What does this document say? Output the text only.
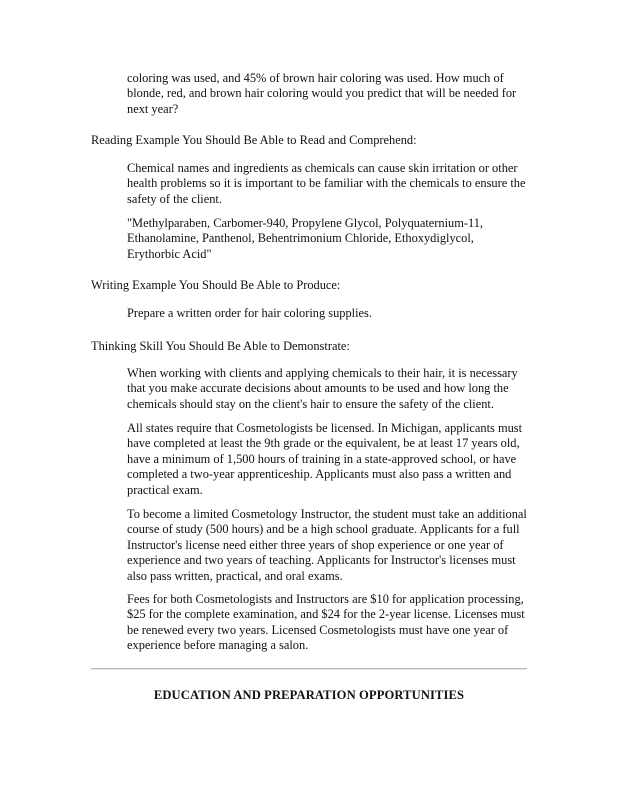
coloring was used, and 45% of brown hair coloring was used. How much of blonde, red, and brown hair coloring would you predict that will be needed for next year?

Reading Example You Should Be Able to Read and Comprehend:

Chemical names and ingredients as chemicals can cause skin irritation or other health problems so it is important to be familiar with the chemicals to ensure the safety of the client.

"Methylparaben, Carbomer-940, Propylene Glycol, Polyquaternium-11, Ethanolamine, Panthenol, Behentrimonium Chloride, Ethoxydiglycol, Erythorbic Acid"

Writing Example You Should Be Able to Produce:

Prepare a written order for hair coloring supplies.

Thinking Skill You Should Be Able to Demonstrate:

When working with clients and applying chemicals to their hair, it is necessary that you make accurate decisions about amounts to be used and how long the chemicals should stay on the client's hair to ensure the safety of the client.

All states require that Cosmetologists be licensed. In Michigan, applicants must have completed at least the 9th grade or the equivalent, be at least 17 years old, have a minimum of 1,500 hours of training in a state-approved school, or have completed a two-year apprenticeship. Applicants must also pass a written and practical exam.

To become a limited Cosmetology Instructor, the student must take an additional course of study (500 hours) and be a high school graduate. Applicants for a full Instructor's license need either three years of shop experience or one year of experience and two years of teaching. Applicants for Instructor's licenses must also pass written, practical, and oral exams.

Fees for both Cosmetologists and Instructors are $10 for application processing, $25 for the complete examination, and $24 for the 2-year license. Licenses must be renewed every two years. Licensed Cosmetologists must have one year of experience before managing a salon.

EDUCATION AND PREPARATION OPPORTUNITIES
